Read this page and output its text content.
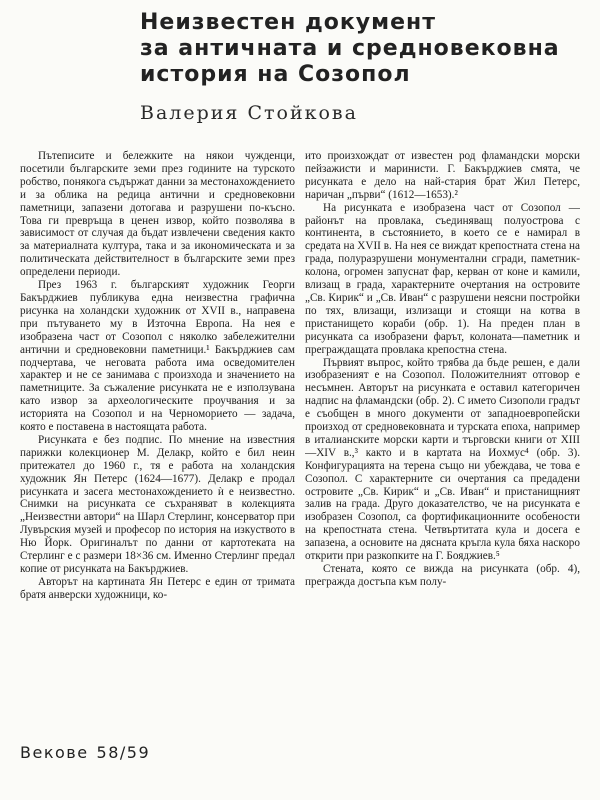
Неизвестен документ
за античната и средновековна
история на Созопол
Валерия Стойкова

Пътеписите и бележките на някои чужденци, посетили българските земи през годините на турското робство, понякога съдържат данни за местонахождението и за облика на редица антични и средновековни паметници, запазени дотогава и разрушени по-късно. Това ги превръща в ценен извор, който позволява в зависимост от случая да бъдат извлечени сведения както за материалната култура, така и за икономическата и за политическата действителност в българските земи през определени периоди.

През 1963 г. българският художник Георги Бакърджиев публикува една неизвестна графична рисунка на холандски художник от XVII в., направена при пътуването му в Източна Европа. На нея е изобразена част от Созопол с няколко забележителни антични и средновековни паметници.¹ Бакърджиев сам подчертава, че неговата работа има осведомителен характер и не се занимава с произхода и значението на паметниците. За съжаление рисунката не е използувана като извор за археологическите проучвания и за историята на Созопол и на Черноморието — задача, която е поставена в настоящата работа.

Рисунката е без подпис. По мнение на известния парижки колекционер М. Делакр, който е бил неин притежател до 1960 г., тя е работа на холандския художник Ян Петерс (1624—1677). Делакр е продал рисунката и засега местонахождението ѝ е неизвестно. Снимки на рисунката се съхраняват в колекцията „Неизвестни автори“ на Шарл Стерлинг, консерватор при Лувърския музей и професор по история на изкуството в Ню Йорк. Оригиналът по данни от картотеката на Стерлинг е с размери 18×36 см. Именно Стерлинг предал копие от рисунката на Бакърджиев.

Авторът на картината Ян Петерс е един от тримата братя анверски художници, ко-

ито произхождат от известен род фламандски морски пейзажисти и маринисти. Г. Бакърджиев смята, че рисунката е дело на най-стария брат Жил Петерс, наричан „първи“ (1612—1653).²

На рисунката е изобразена част от Созопол — районът на провлака, съединяващ полуострова с континента, в състоянието, в което се е намирал в средата на XVII в. На нея се виждат крепостната стена на града, полуразрушени монументални сгради, паметник-колона, огромен запуснат фар, керван от коне и камили, влизащ в града, характерните очертания на островите „Св. Кирик“ и „Св. Иван“ с разрушени неясни постройки по тях, влизащи, излизащи и стоящи на котва в пристанището кораби (обр. 1). На преден план в рисунката са изобразени фарът, колоната—паметник и преграждащата провлака крепостна стена.

Първият въпрос, който трябва да бъде решен, е дали изобразеният е на Созопол. Положителният отговор е несъмнен. Авторът на рисунката е оставил категоричен надпис на фламандски (обр. 2). С името Сизополи градът е съобщен в много документи от западноевропейски произход от средновековната и турската епоха, например в италианските морски карти и търговски книги от XIII—XIV в.,³ както и в картата на Иохмус⁴ (обр. 3). Конфигурацията на терена също ни убеждава, че това е Созопол. С характерните си очертания са предадени островите „Св. Кирик“ и „Св. Иван“ и пристанищният залив на града. Друго доказателство, че на рисунката е изобразен Созопол, са фортификационните особености на крепостната стена. Четвъртитата кула и досега е запазена, а основите на дясната кръгла кула бяха наскоро открити при разкопките на Г. Бояджиев.⁵

Стената, която се вижда на рисунката (обр. 4), преграждa достъпа към полу-

Векове 58/59
